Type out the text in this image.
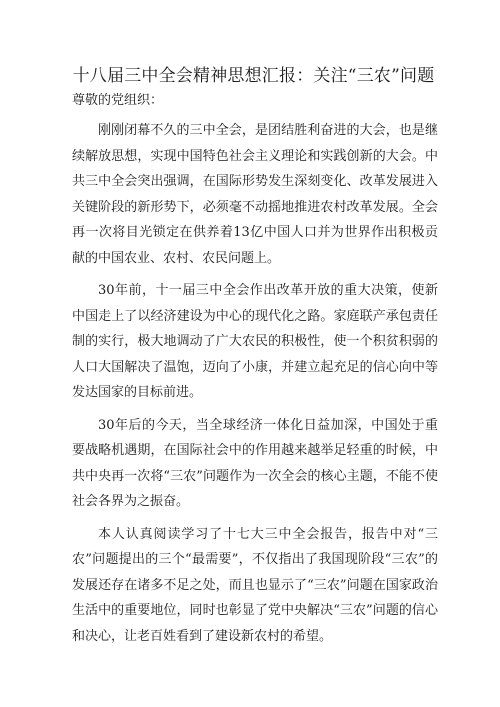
十八届三中全会精神思想汇报：关注“三农”问题
尊敬的党组织：

刚刚闭幕不久的三中全会，是团结胜利奋进的大会，也是继续解放思想，实现中国特色社会主义理论和实践创新的大会。中共三中全会突出强调，在国际形势发生深刻变化、改革发展进入关键阶段的新形势下，必须毫不动摇地推进农村改革发展。全会再一次将目光锁定在供养着13亿中国人口并为世界作出积极贡献的中国农业、农村、农民问题上。

30年前，十一届三中全会作出改革开放的重大决策，使新中国走上了以经济建设为中心的现代化之路。家庭联产承包责任制的实行，极大地调动了广大农民的积极性，使一个积贫积弱的人口大国解决了温饱，迈向了小康，并建立起充足的信心向中等发达国家的目标前进。

30年后的今天，当全球经济一体化日益加深，中国处于重要战略机遇期，在国际社会中的作用越来越举足轻重的时候，中共中央再一次将“三农”问题作为一次全会的核心主题，不能不使社会各界为之振奋。

本人认真阅读学习了十七大三中全会报告，报告中对“三农”问题提出的三个“最需要”，不仅指出了我国现阶段“三农”的发展还存在诸多不足之处，而且也显示了“三农”问题在国家政治生活中的重要地位，同时也彰显了党中央解决“三农”问题的信心和决心，让老百姓看到了建设新农村的希望。
